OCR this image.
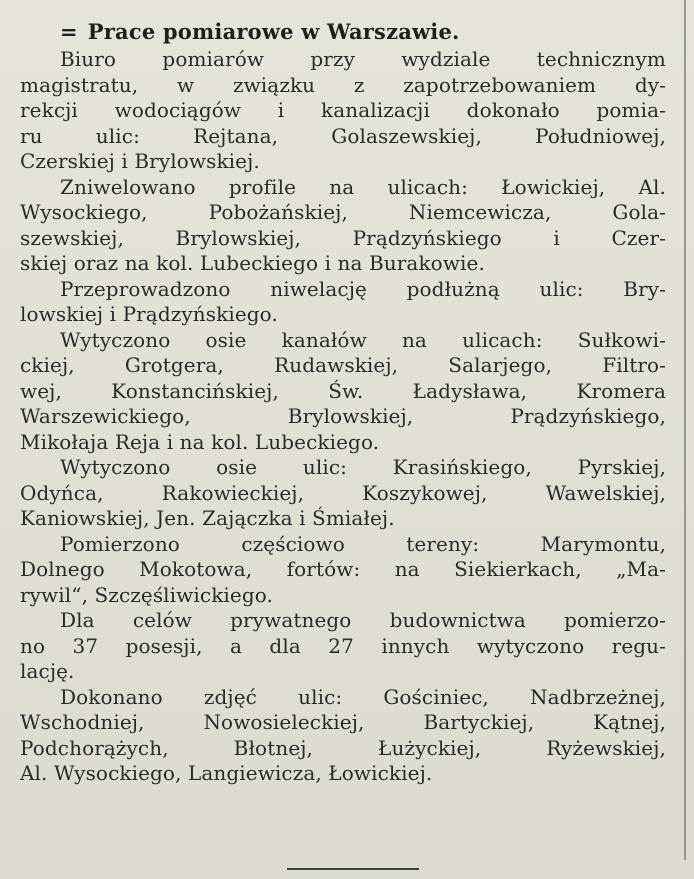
= Prace pomiarowe w Warszawie.

Biuro pomiarów przy wydziale technicznym
magistratu, w związku z zapotrzebowaniem dy-
rekcji wodociągów i kanalizacji dokonało pomia-
ru ulic: Rejtana, Golaszewskiej, Południowej,
Czerskiej i Brylowskiej.

Zniwelowano profile na ulicach: Łowickiej, Al.
Wysockiego, Pobożańskiej, Niemcewicza, Gola-
szewskiej, Brylowskiej, Prądzyńskiego i Czer-
skiej oraz na kol. Lubeckiego i na Burakowie.

Przeprowadzono niwelację podłużną ulic: Bry-
lowskiej i Prądzyńskiego.

Wytyczono osie kanałów na ulicach: Sułkowi-
ckiej, Grotgera, Rudawskiej, Salarjego, Filtro-
wej, Konstancińskiej, Św. Ładysława, Kromera
Warszewickiego, Brylowskiej, Prądzyńskiego,
Mikołaja Reja i na kol. Lubeckiego.

Wytyczono osie ulic: Krasińskiego, Pyrskiej,
Odyńca, Rakowieckiej, Koszykowej, Wawelskiej,
Kaniowskiej, Jen. Zajączka i Śmiałej.

Pomierzono częściowo tereny: Marymontu,
Dolnego Mokotowa, fortów: na Siekierkach, „Ma-
rywil“, Szczęśliwickiego.

Dla celów prywatnego budownictwa pomierzo-
no 37 posesji, a dla 27 innych wytyczono regu-
lację.

Dokonano zdjęć ulic: Gościniec, Nadbrzeżnej,
Wschodniej, Nowosieleckiej, Bartyckiej, Kątnej,
Podchorążych, Błotnej, Łużyckiej, Ryżewskiej,
Al. Wysockiego, Langiewicza, Łowickiej.
